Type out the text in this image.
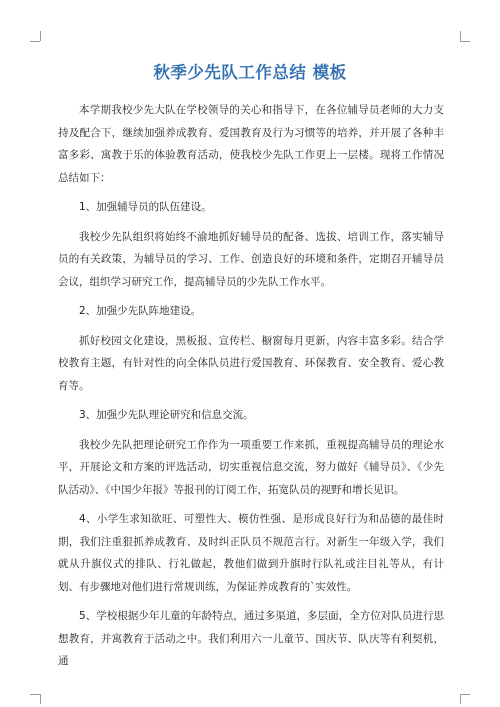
秋季少先队工作总结 模板

本学期我校少先大队在学校领导的关心和指导下，在各位辅导员老师的大力支持及配合下，继续加强养成教育、爱国教育及行为习惯等的培养，并开展了各种丰富多彩、寓教于乐的体验教育活动，使我校少先队工作更上一层楼。现将工作情况总结如下：

1、加强辅导员的队伍建设。

我校少先队组织将始终不渝地抓好辅导员的配备、选拔、培训工作，落实辅导员的有关政策，为辅导员的学习、工作、创造良好的环境和条件，定期召开辅导员会议，组织学习研究工作，提高辅导员的少先队工作水平。

2、加强少先队阵地建设。

抓好校园文化建设，黑板报、宣传栏、橱窗每月更新，内容丰富多彩。结合学校教育主题，有针对性的向全体队员进行爱国教育、环保教育、安全教育、爱心教育等。

3、加强少先队理论研究和信息交流。

我校少先队把理论研究工作作为一项重要工作来抓，重视提高辅导员的理论水平，开展论文和方案的评选活动，切实重视信息交流，努力做好《辅导员》、《少先队活动》、《中国少年报》等报刊的订阅工作，拓宽队员的视野和增长见识。

4、小学生求知欲旺、可塑性大、模仿性强、是形成良好行为和品德的最佳时期，我们注重狠抓养成教育、及时纠正队员不规范言行。对新生一年级入学，我们就从升旗仪式的排队、行礼做起，教他们做到升旗时行队礼或注目礼等从，有计划、有步骤地对他们进行常规训练，为保证养成教育的`实效性。

5、学校根据少年儿童的年龄特点，通过多渠道，多层面，全方位对队员进行思想教育，并寓教育于活动之中。我们利用六一儿童节、国庆节、队庆等有利契机，通
